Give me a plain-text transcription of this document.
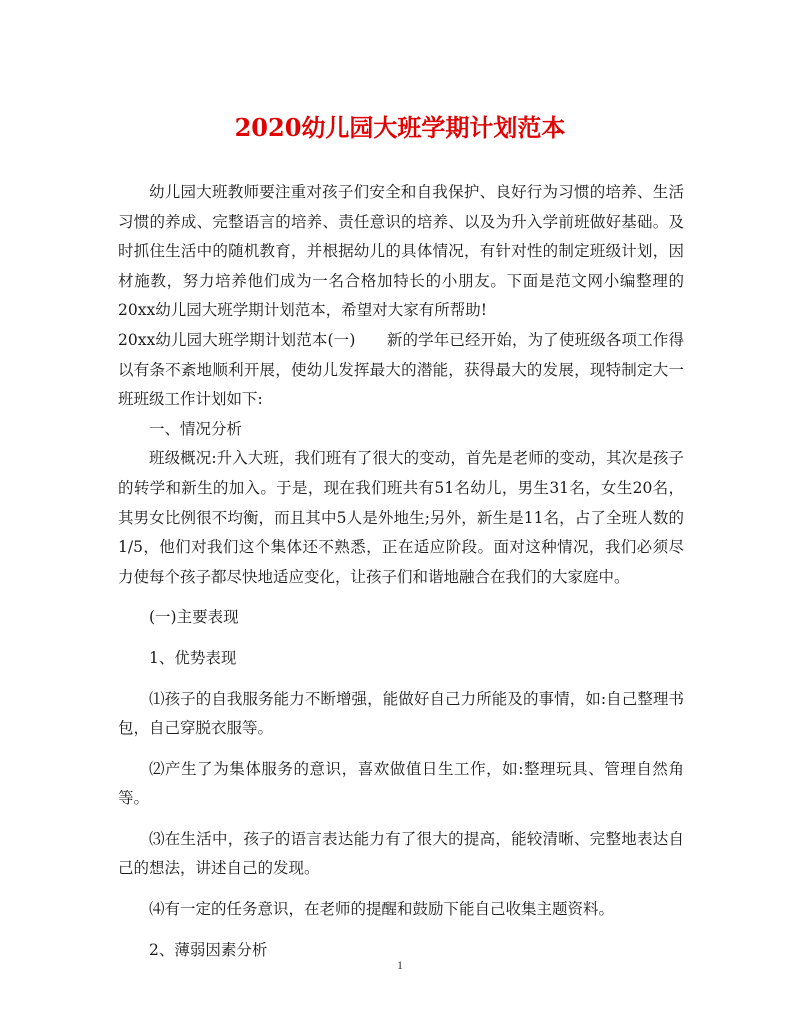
2020幼儿园大班学期计划范本

幼儿园大班教师要注重对孩子们安全和自我保护、良好行为习惯的培养、生活习惯的养成、完整语言的培养、责任意识的培养、以及为升入学前班做好基础。及时抓住生活中的随机教育，并根据幼儿的具体情况，有针对性的制定班级计划，因材施教，努力培养他们成为一名合格加特长的小朋友。下面是范文网小编整理的20xx幼儿园大班学期计划范本，希望对大家有所帮助!

20xx幼儿园大班学期计划范本(一)　　新的学年已经开始，为了使班级各项工作得以有条不紊地顺利开展，使幼儿发挥最大的潜能，获得最大的发展，现特制定大一班班级工作计划如下:

一、情况分析

班级概况:升入大班，我们班有了很大的变动，首先是老师的变动，其次是孩子的转学和新生的加入。于是，现在我们班共有51名幼儿，男生31名，女生20名，其男女比例很不均衡，而且其中5人是外地生;另外，新生是11名，占了全班人数的1/5，他们对我们这个集体还不熟悉，正在适应阶段。面对这种情况，我们必须尽力使每个孩子都尽快地适应变化，让孩子们和谐地融合在我们的大家庭中。

(一)主要表现

1、优势表现

⑴孩子的自我服务能力不断增强，能做好自己力所能及的事情，如:自己整理书包，自己穿脱衣服等。

⑵产生了为集体服务的意识，喜欢做值日生工作，如:整理玩具、管理自然角等。

⑶在生活中，孩子的语言表达能力有了很大的提高，能较清晰、完整地表达自己的想法，讲述自己的发现。

⑷有一定的任务意识，在老师的提醒和鼓励下能自己收集主题资料。

2、薄弱因素分析

1
